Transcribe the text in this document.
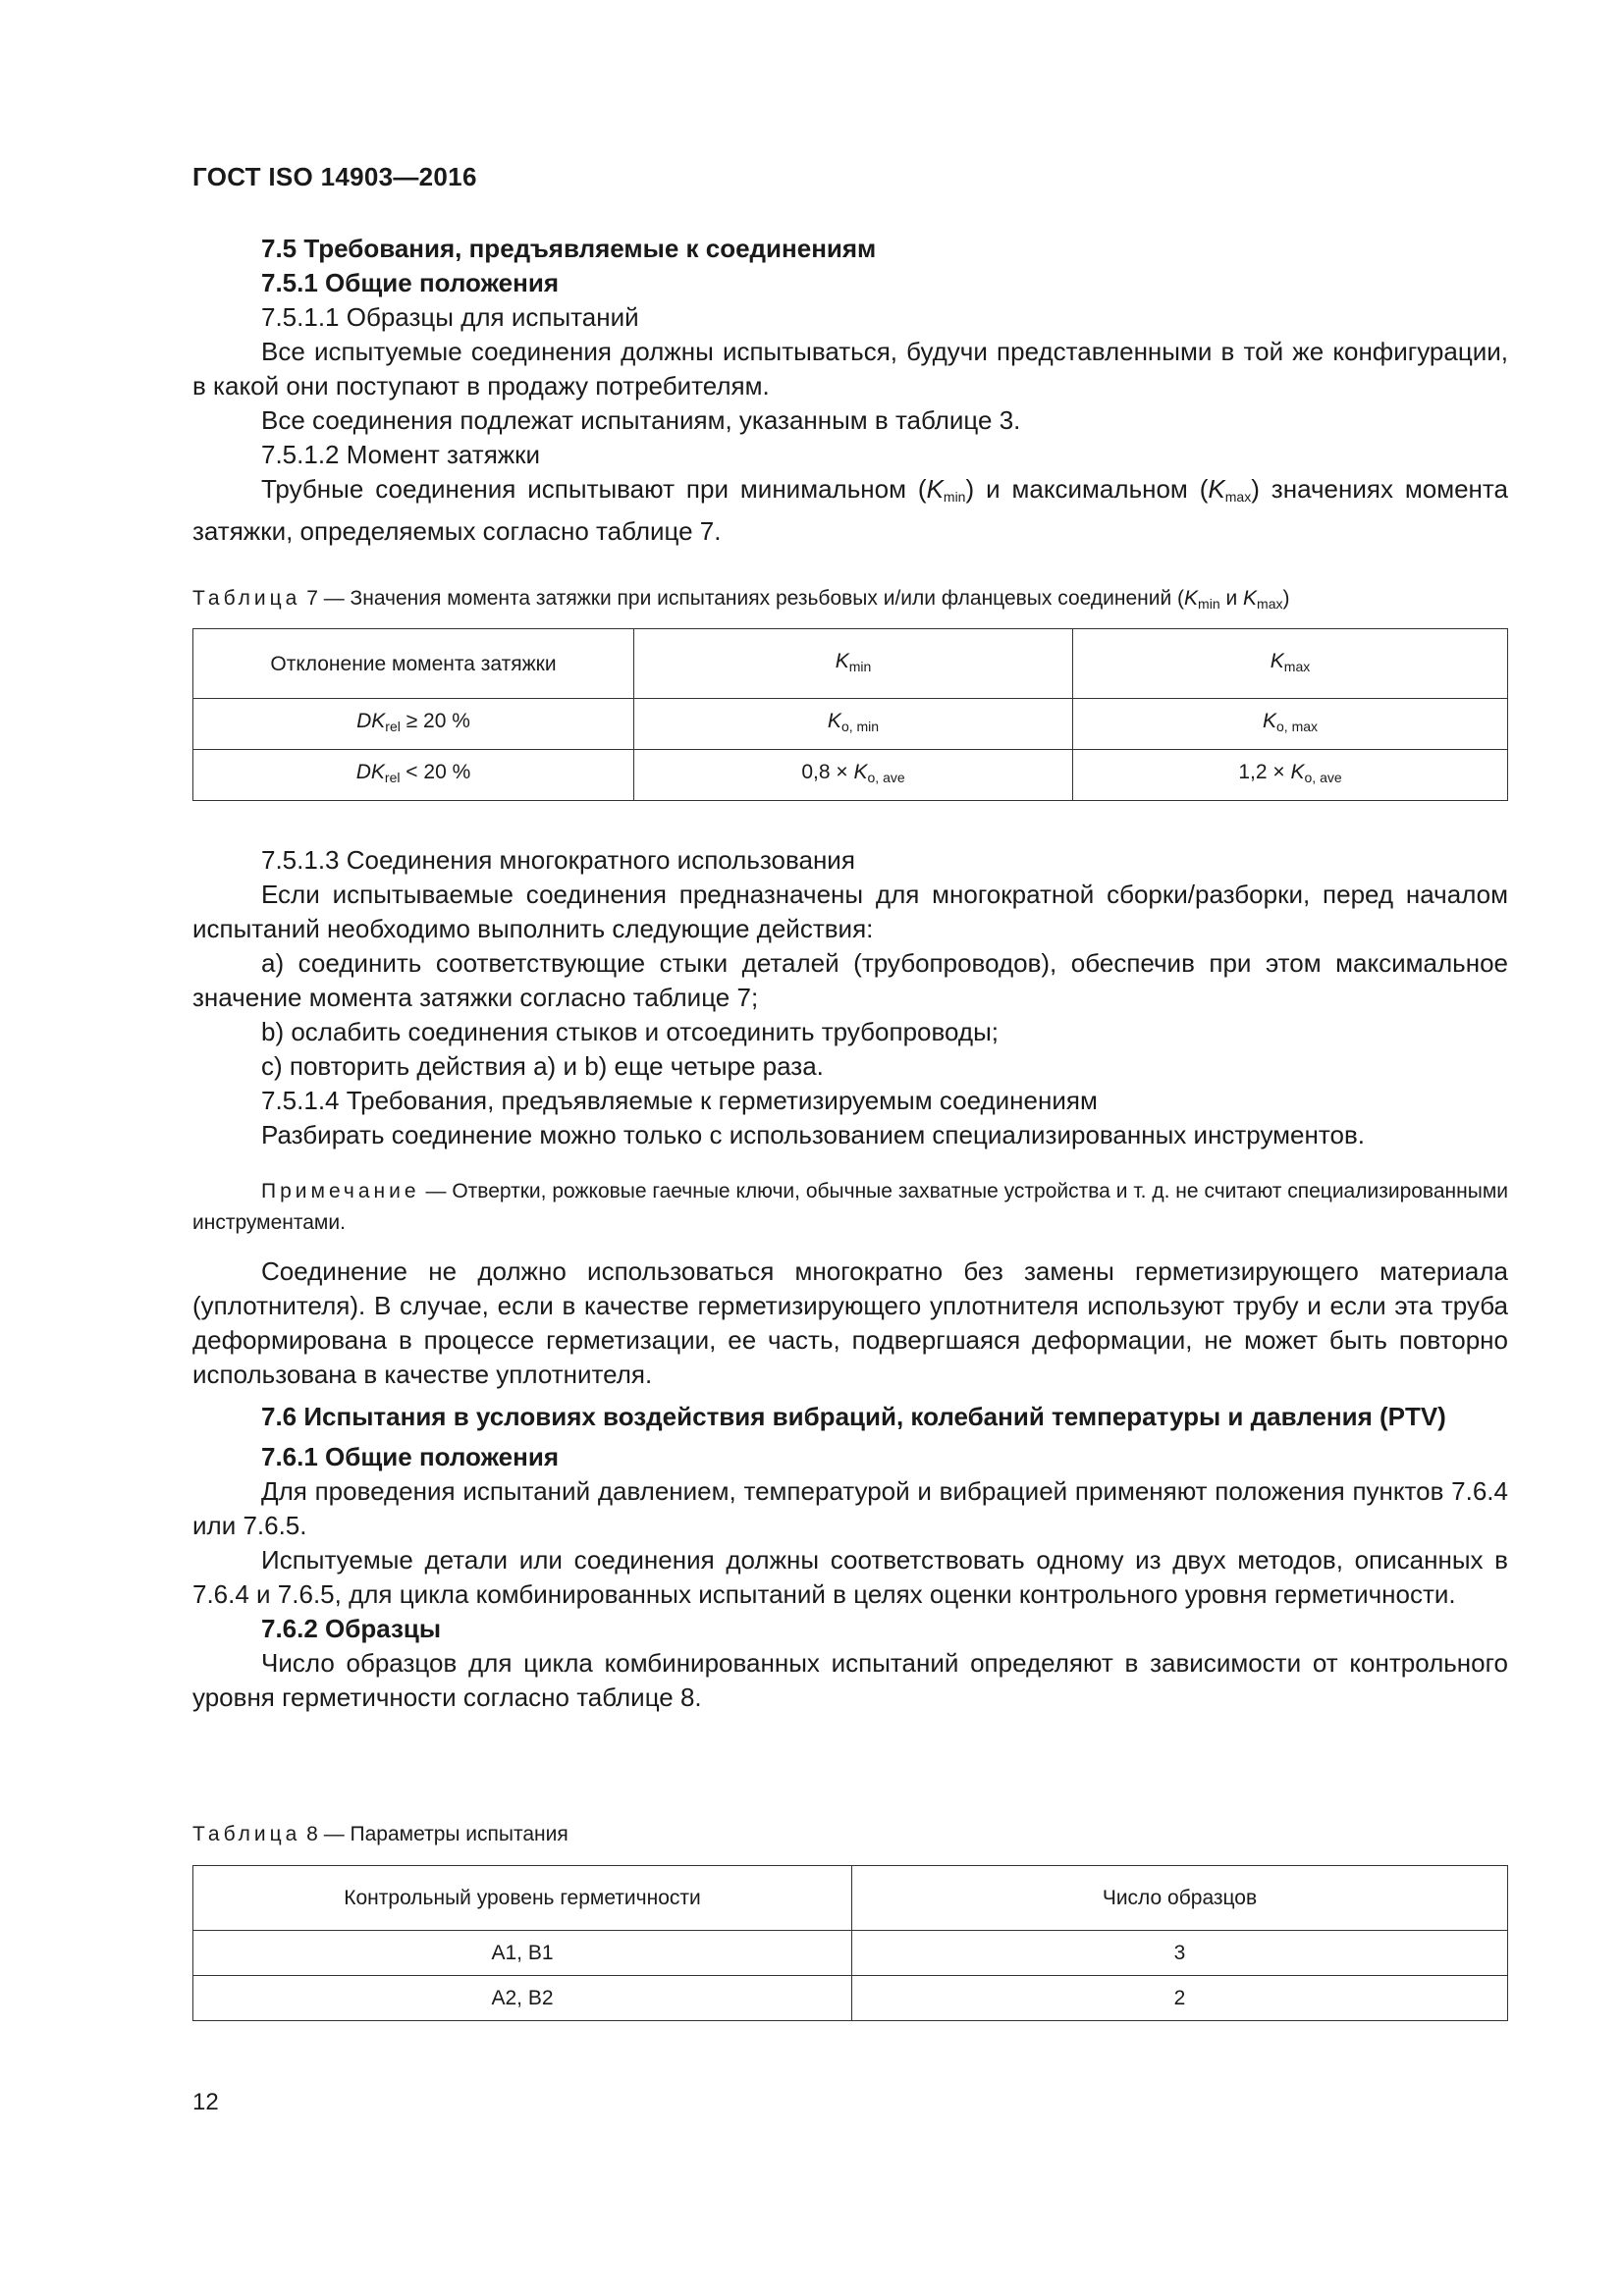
ГОСТ ISO 14903—2016

7.5 Требования, предъявляемые к соединениям

7.5.1 Общие положения

7.5.1.1 Образцы для испытаний

Все испытуемые соединения должны испытываться, будучи представленными в той же конфигурации, в какой они поступают в продажу потребителям.

Все соединения подлежат испытаниям, указанным в таблице 3.

7.5.1.2 Момент затяжки

Трубные соединения испытывают при минимальном $(K_{min})$ и максимальном $(K_{max})$ значениях момента затяжки, определяемых согласно таблице 7.

Таблица 7 — Значения момента затяжки при испытаниях резьбовых и/или фланцевых соединений ($K_{min}$ и $K_{max}$)

Отклонение момента затяжки	$K_{min}$	$K_{max}$
$DK_{rel} \ge 20$ %	$K_{o, min}$	$K_{o, max}$
$DK_{rel} < 20$ %	$0,8 \times K_{o, ave}$	$1,2 \times K_{o, ave}$

7.5.1.3 Соединения многократного использования

Если испытываемые соединения предназначены для многократной сборки/разборки, перед началом испытаний необходимо выполнить следующие действия:

a) соединить соответствующие стыки деталей (трубопроводов), обеспечив при этом максимальное значение момента затяжки согласно таблице 7;

b) ослабить соединения стыков и отсоединить трубопроводы;

c) повторить действия a) и b) еще четыре раза.

7.5.1.4 Требования, предъявляемые к герметизируемым соединениям

Разбирать соединение можно только с использованием специализированных инструментов.

Примечание — Отвертки, рожковые гаечные ключи, обычные захватные устройства и т. д. не считают специализированными инструментами.

Соединение не должно использоваться многократно без замены герметизирующего материала (уплотнителя). В случае, если в качестве герметизирующего уплотнителя используют трубу и если эта труба деформирована в процессе герметизации, ее часть, подвергшаяся деформации, не может быть повторно использована в качестве уплотнителя.

7.6 Испытания в условиях воздействия вибраций, колебаний температуры и давления (PTV)

7.6.1 Общие положения

Для проведения испытаний давлением, температурой и вибрацией применяют положения пунктов 7.6.4 или 7.6.5.

Испытуемые детали или соединения должны соответствовать одному из двух методов, описанных в 7.6.4 и 7.6.5, для цикла комбинированных испытаний в целях оценки контрольного уровня герметичности.

7.6.2 Образцы

Число образцов для цикла комбинированных испытаний определяют в зависимости от контрольного уровня герметичности согласно таблице 8.

Таблица 8 — Параметры испытания

Контрольный уровень герметичности	Число образцов
A1, B1	3
A2, B2	2
12
